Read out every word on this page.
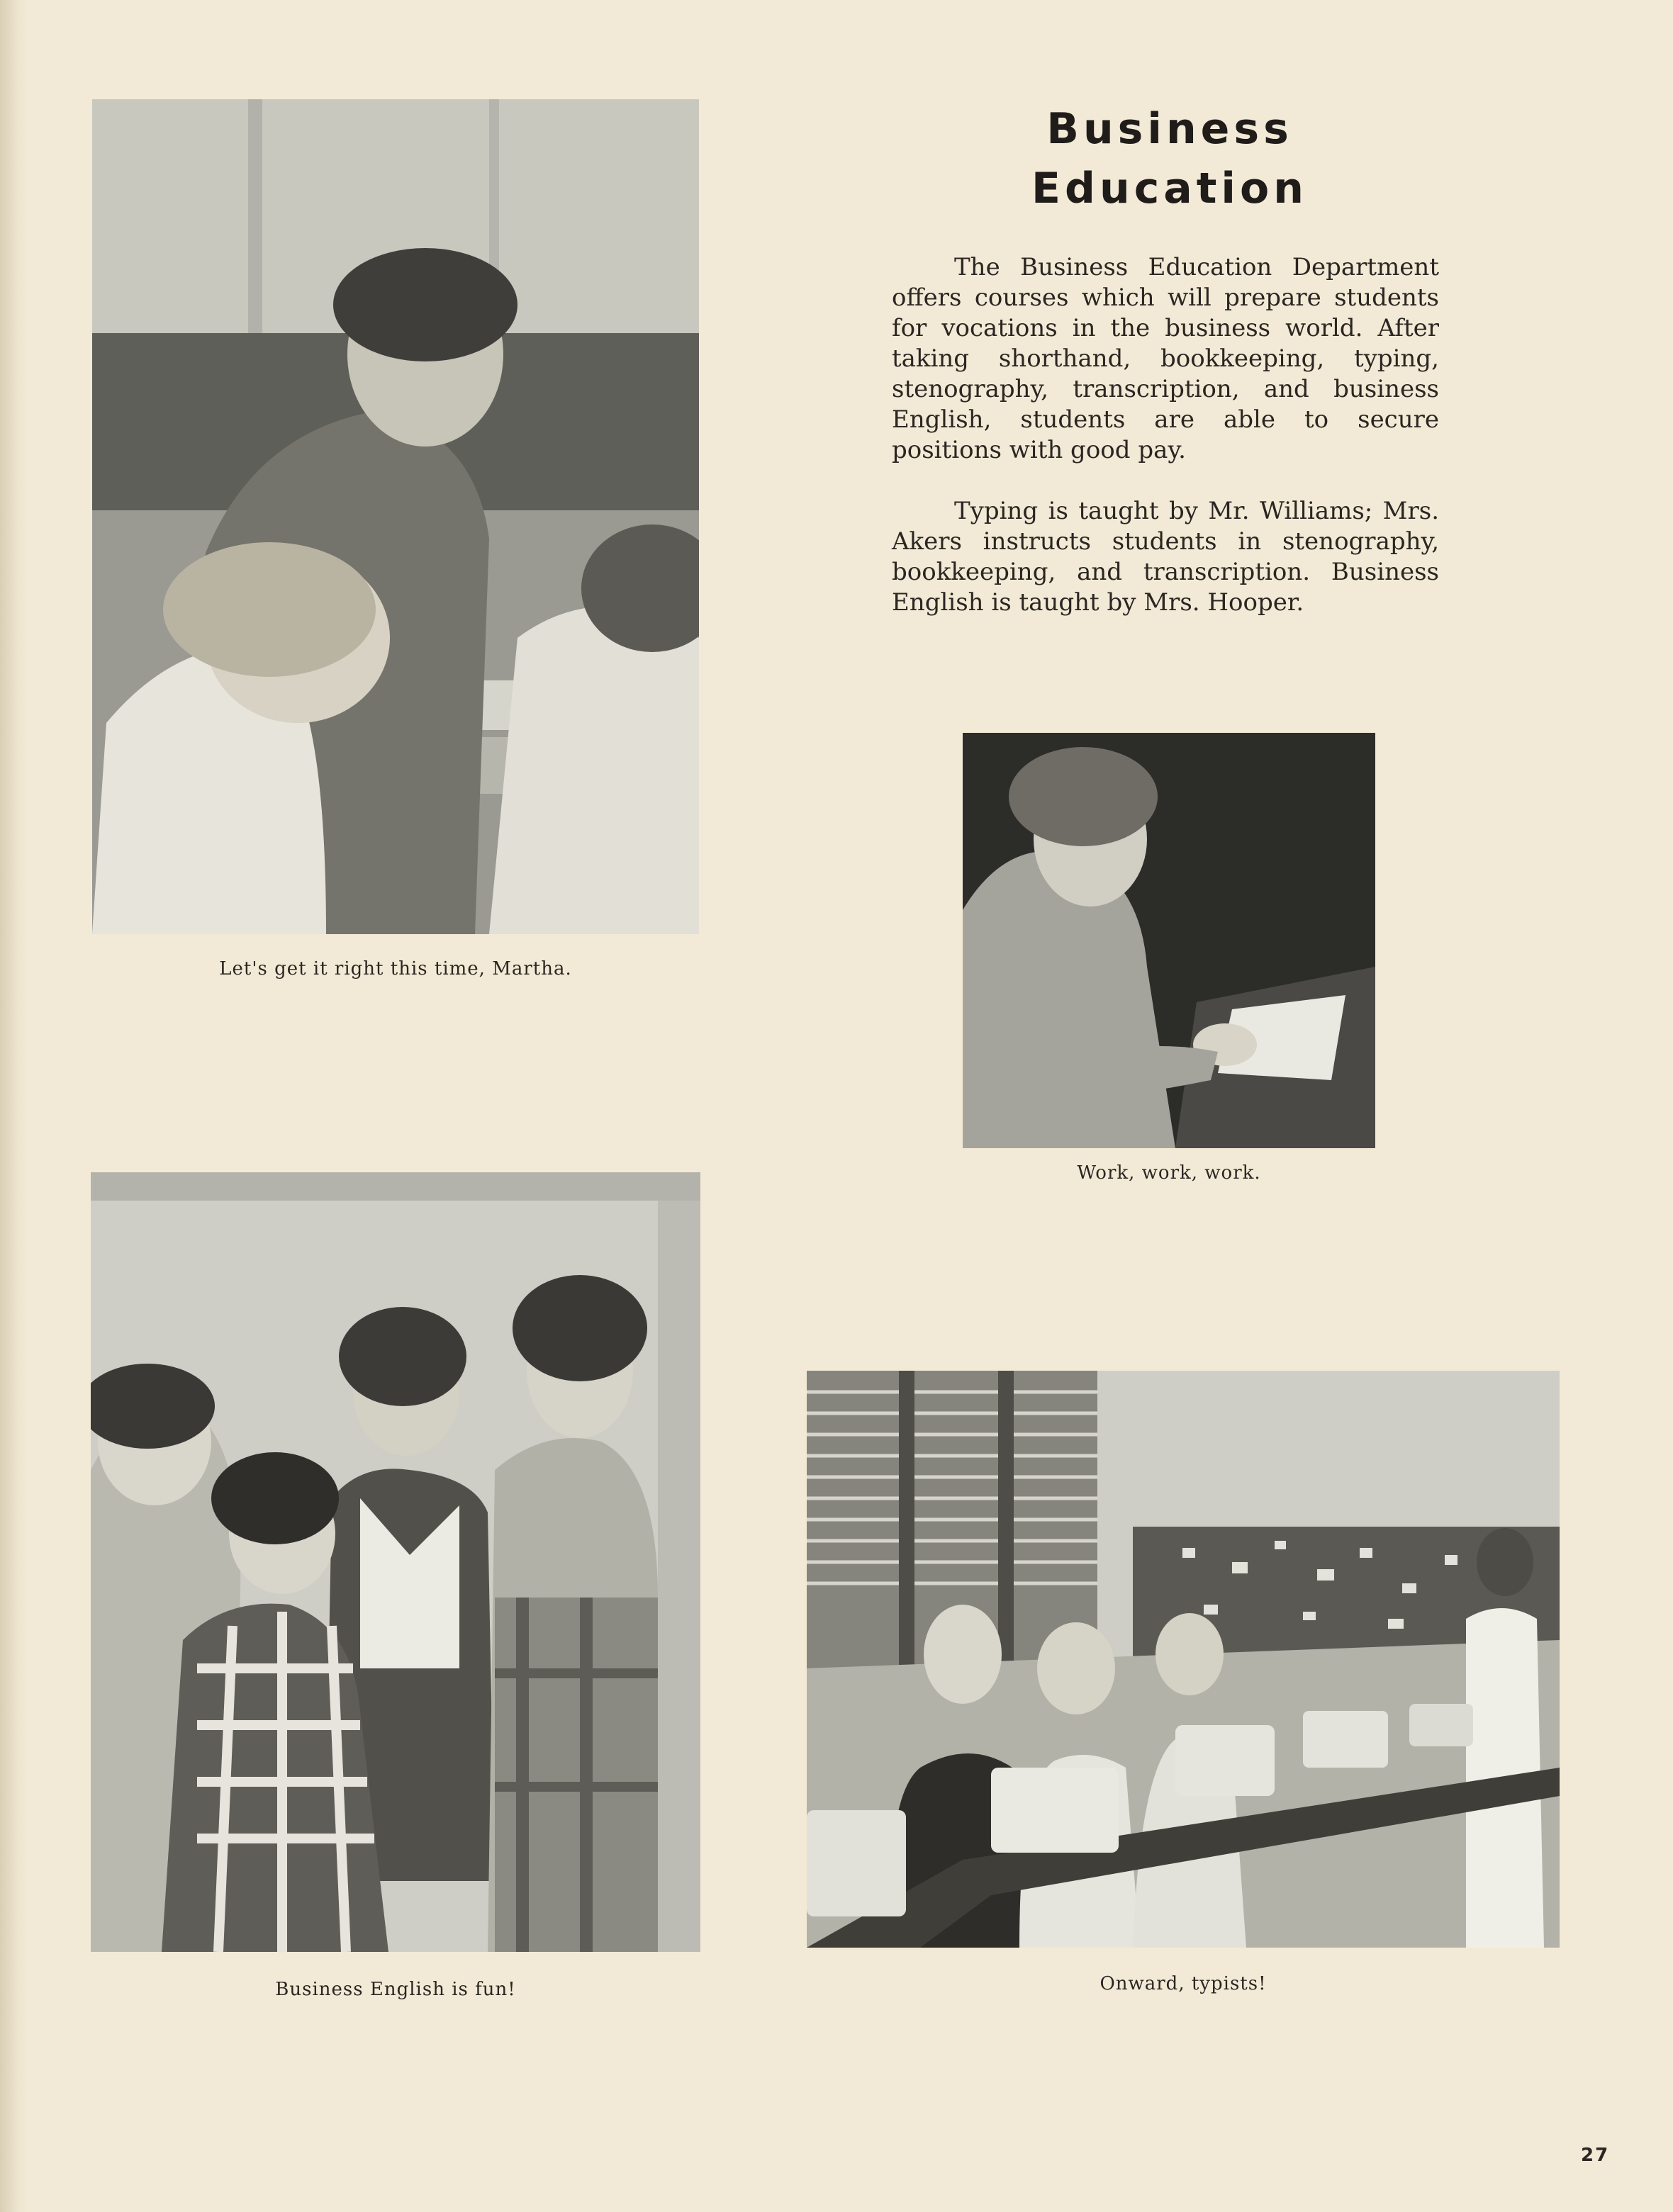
Business
Education

The Business Education Department offers courses which will prepare students for vocations in the business world. After taking shorthand, bookkeeping, typing, stenography, transcription, and business English, students are able to secure positions with good pay.

Typing is taught by Mr. Williams; Mrs. Akers instructs students in stenography, bookkeeping, and transcription. Business English is taught by Mrs. Hooper.

Let's get it right this time, Martha.
Work, work, work.
Business English is fun!	Onward, typists!
27
